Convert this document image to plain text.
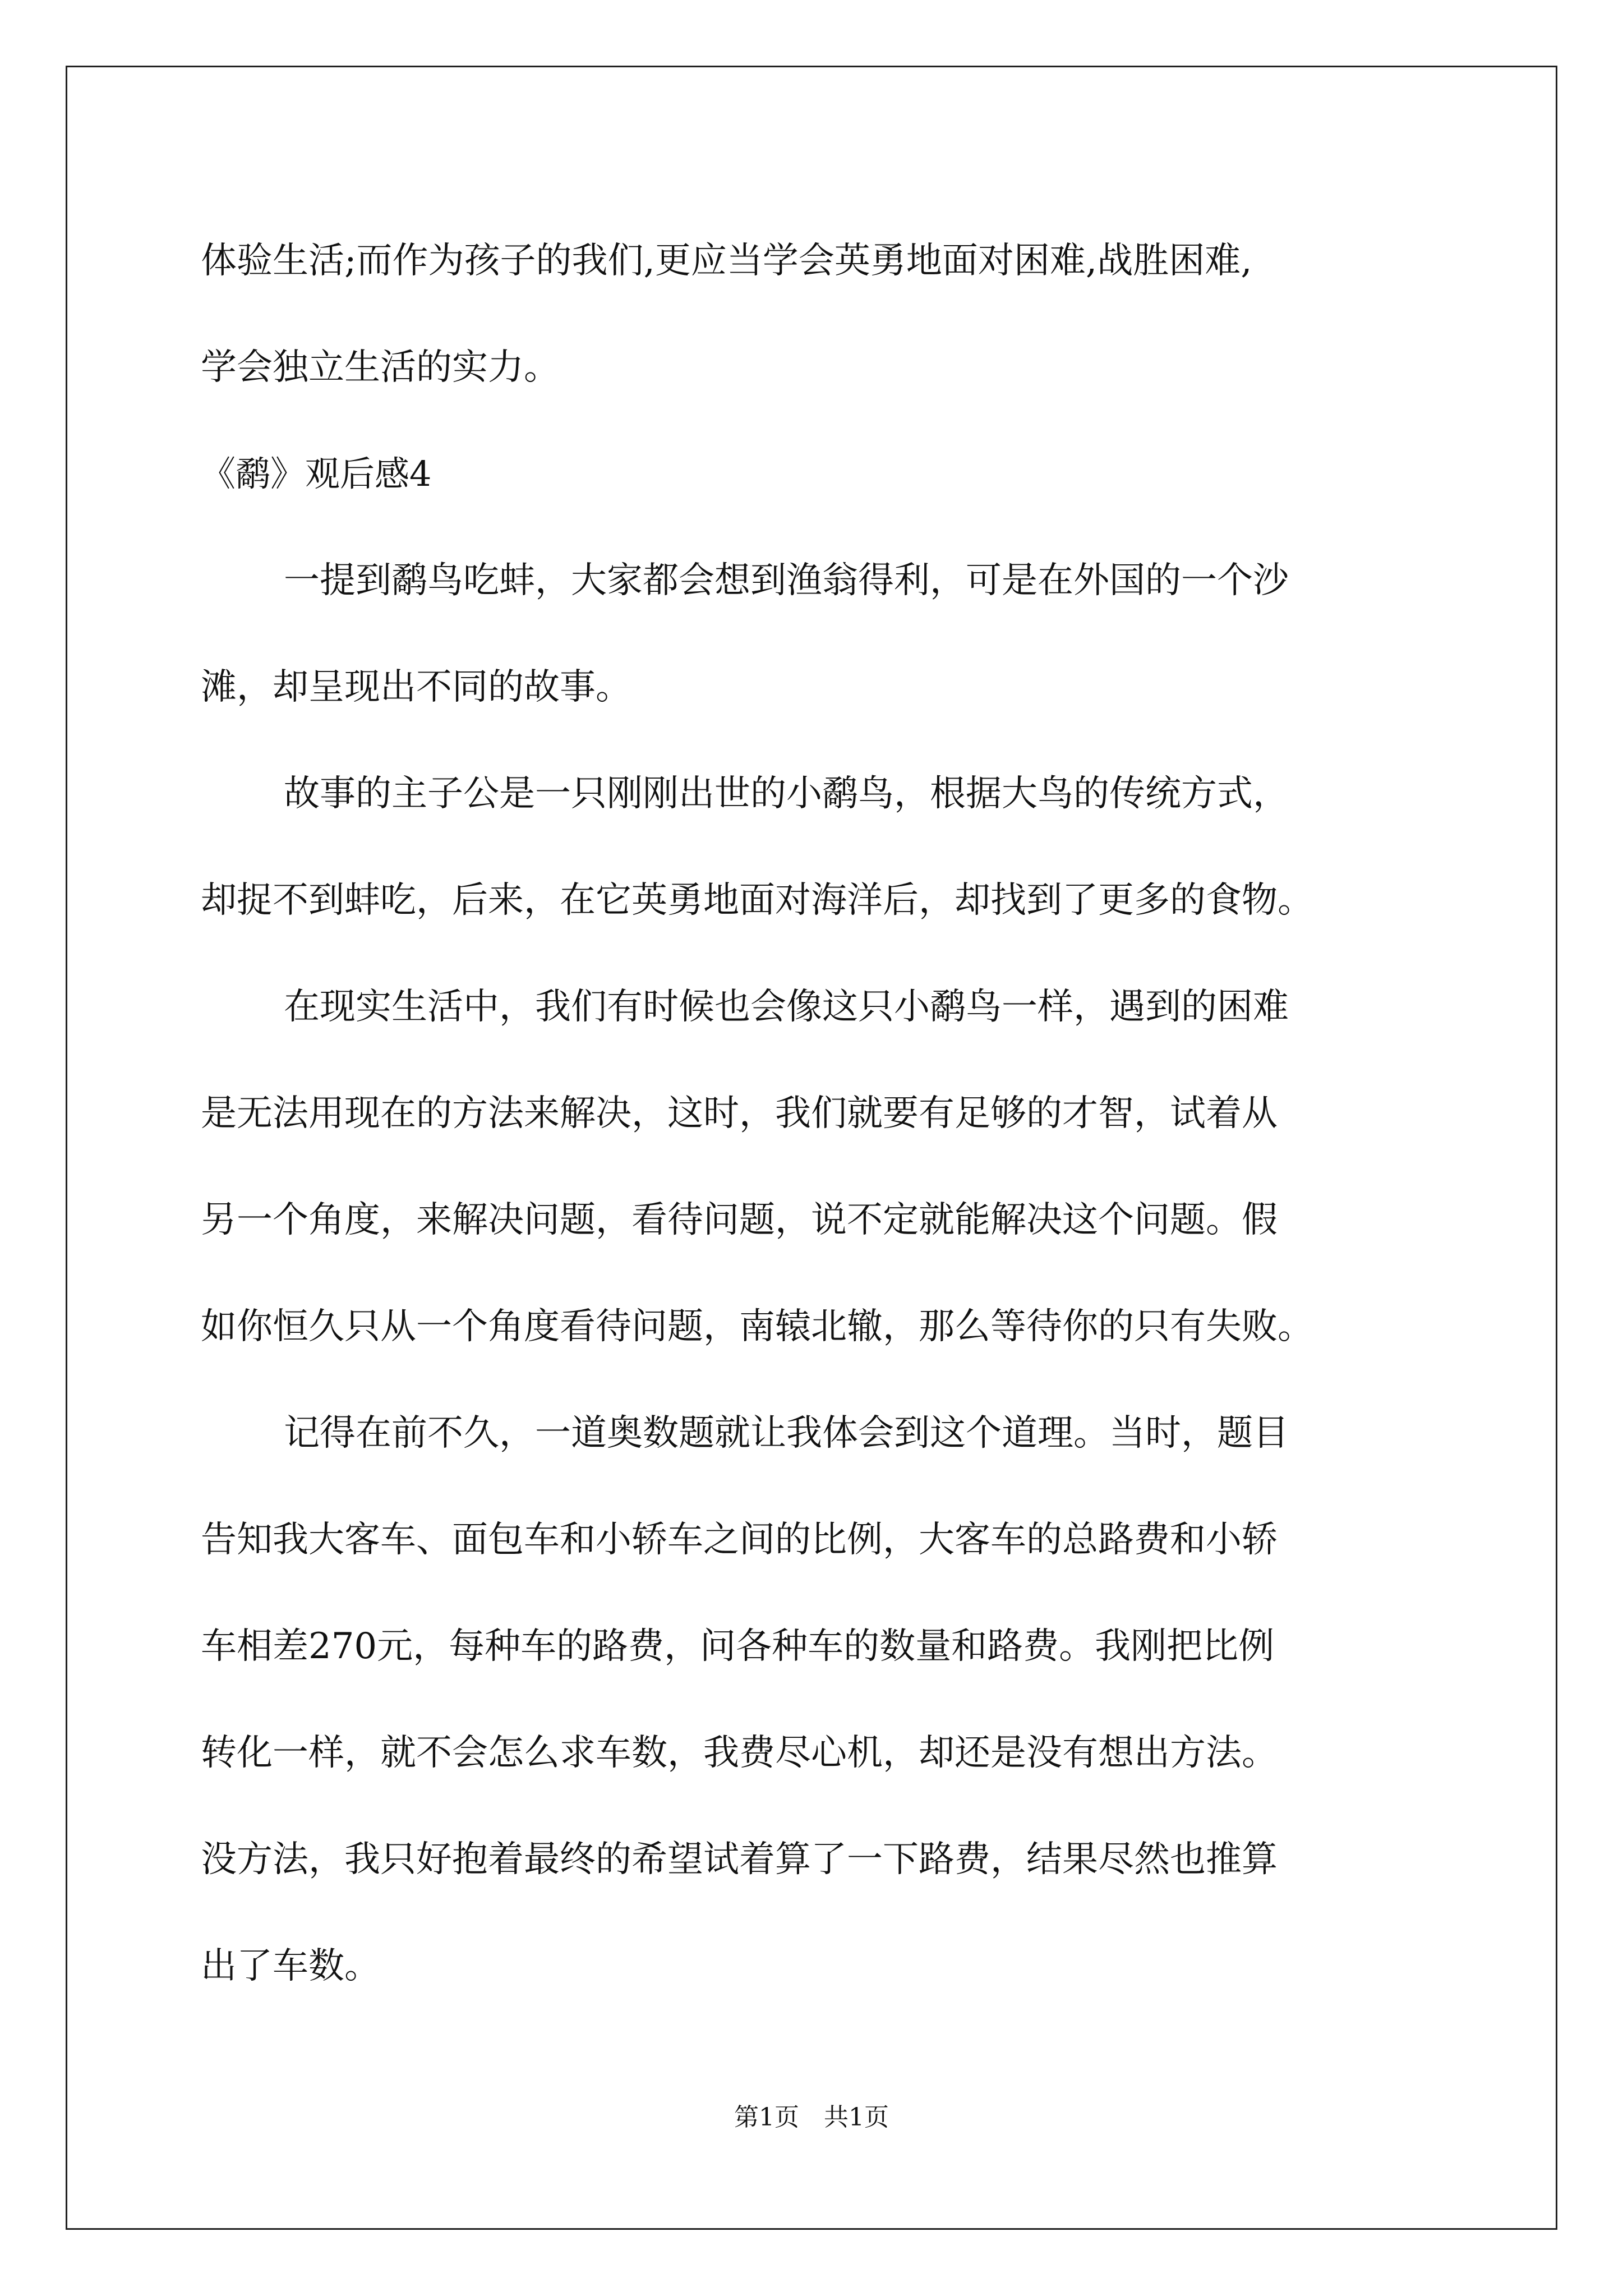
体验生活;而作为孩子的我们,更应当学会英勇地面对困难,战胜困难,
学会独立生活的实力。
《鹬》观后感4
一提到鹬鸟吃蚌，大家都会想到渔翁得利，可是在外国的一个沙
滩，却呈现出不同的故事。
故事的主子公是一只刚刚出世的小鹬鸟，根据大鸟的传统方式，
却捉不到蚌吃，后来，在它英勇地面对海洋后，却找到了更多的食物。
在现实生活中，我们有时候也会像这只小鹬鸟一样，遇到的困难
是无法用现在的方法来解决，这时，我们就要有足够的才智，试着从
另一个角度，来解决问题，看待问题，说不定就能解决这个问题。假
如你恒久只从一个角度看待问题，南辕北辙，那么等待你的只有失败。
记得在前不久，一道奥数题就让我体会到这个道理。当时，题目
告知我大客车、面包车和小轿车之间的比例，大客车的总路费和小轿
车相差270元，每种车的路费，问各种车的数量和路费。我刚把比例
转化一样，就不会怎么求车数，我费尽心机，却还是没有想出方法。
没方法，我只好抱着最终的希望试着算了一下路费，结果尽然也推算
出了车数。
第1页　共1页
